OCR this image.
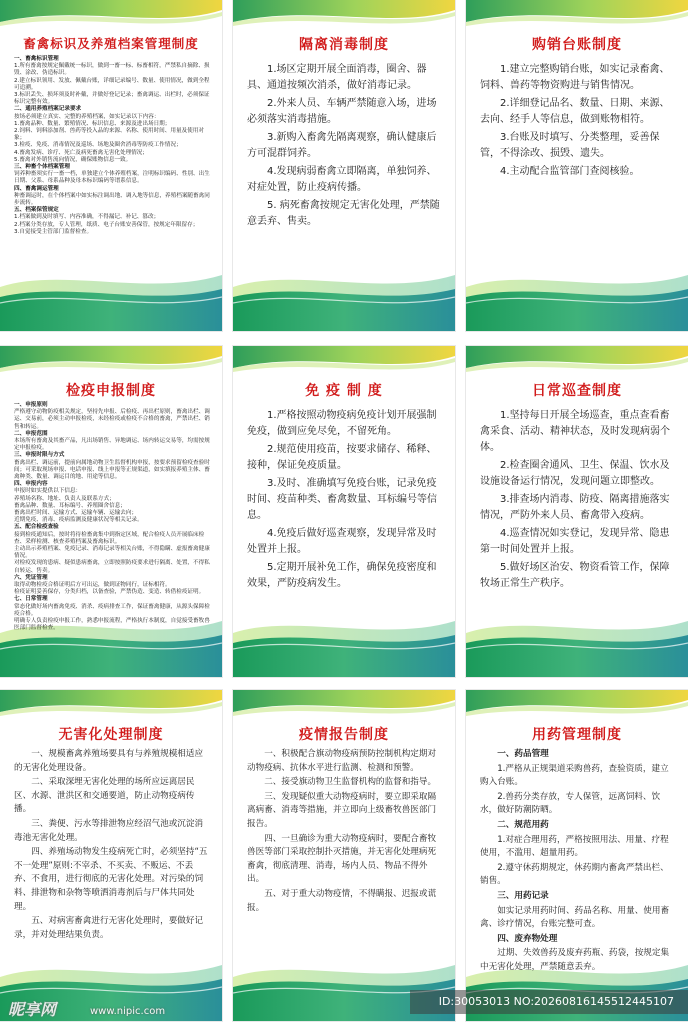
畜禽标识及养殖档案管理制度

一、畜禽标识管理

1.所有畜禽按规定佩戴统一标识，做到一畜一标、标畜相符，严禁私自摘除、损毁、涂改、伪造标识。

2.建立标识领用、发放、佩戴台账，详细记录编号、数量、使用情况，做到全程可追溯。

3.标识丢失、损坏须及时补戴，并做好登记记录；畜禽调运、出栏时，必须保证标识完整有效。

二、通用养殖档案记录要求

按场必须建立真实、完整的养殖档案，如实记录以下内容：

1.畜禽品种、数量、繁殖情况、标识信息、来源及进出场日期；

2.饲料、饲料添加剂、兽药等投入品的来源、名称、使用时间、用量及使用对象；

3.检疫、免疫、消毒情况及巡场、场地及圈舍消毒等防疫工作情况；

4.畜禽发病、诊疗、死亡及病死畜禽无害化处理情况；

5.畜禽对外销售流向情况，确保账物信息一致。

三、种畜个体档案管理

饲养种畜须实行一畜一档，单独建立个体养殖档案，注明标识编码、性别、出生日期、父系、母系品种及母本标识编码等谱系信息。

四、畜禽调运管理

种畜调运时，在个体档案中如实标注调出地、调入地等信息，养殖档案随畜禽同步流转。

五、档案保管规定

1.档案做到及时填写、内容准确，不得漏记、补记、篡改；

2.档案分类存放，专人管理，纸质、电子台账安善保管，按规定年限留存；

3.自觉接受主管部门监督检查。

隔离消毒制度

1.场区定期开展全面消毒，圈舍、器具、通道按频次消杀，做好消毒记录。

2.外来人员、车辆严禁随意入场，进场必须落实消毒措施。

3.新购入畜禽先隔离观察，确认健康后方可混群饲养。

4.发现病弱畜禽立即隔离，单独饲养、对症处置，防止疫病传播。

5. 病死畜禽按规定无害化处理，严禁随意丢弃、售卖。

购销台账制度

1.建立完整购销台账，如实记录畜禽、饲料、兽药等物资购进与销售情况。

2.详细登记品名、数量、日期、来源、去向、经手人等信息，做到账物相符。

3.台账及时填写、分类整理，妥善保管，不得涂改、损毁、遗失。

4.主动配合监管部门查阅核验。

检疫申报制度

一、申报原则

严格遵守动物防疫相关规定，坚持先申报、后检疫、再出栏原则，畜禽出栏、调运、交易前，必须主动申报检疫，未经检疫或检疫不合格的畜禽，严禁出栏、销售和转运。

二、申报范围

本场所有畜禽及其畜产品，凡出场销售、异地调运、场内转运交易等，均需按规定申报检疫。

三、申报时限与方式

畜禽出栏、调运前，提前向属地动物卫生监督机构申报，按要求预留检疫查验时间；可采取现场申报、电话申报、线上申报等正规渠道，如实填报养殖主体、畜禽种类、数量、调运目的地、用途等信息。

四、申报内容

申报时如实提供以下信息：

养殖场名称、地址、负责人及联系方式；

畜禽品种、数量、耳标编号、养殖圈舍信息；

畜禽出栏时间、运输方式、运输车辆、运输去向；

近期免疫、消毒、疫病监测及健康状况等相关记录。

五、配合检疫查验

接到检疫通知后，按时将待检畜禽集中到指定区域，配合检疫人员开展临床检查、采样检测、核查养殖档案及畜禽标识。

主动出示养殖档案、免疫记录、消毒记录等相关台账，不得隐瞒、虚报畜禽健康情况。

对检疫发现的患病、疑似患病畜禽，立即按照防疫要求进行隔离、处置，不得私自转运、售卖。

六、凭证管理

取得动物检疫合格证明后方可出运，做到证物同行，证标相符。

检疫证明妥善保存，分类归档，以备查验，严禁伪造、变造、转借检疫证明。

七、日常管理

常态化做好场内畜禽免疫、消杀、疫病排查工作，保证畜禽健康，从源头保障检疫合格。

明确专人负责检疫申报工作，熟悉申报流程，严格执行本制度，自觉接受畜牧兽医部门监督检查。

免 疫 制 度

1.严格按照动物疫病免疫计划开展强制免疫，做到应免尽免，不留死角。

2.规范使用疫苗，按要求储存、稀释、接种，保证免疫质量。

3.及时、准确填写免疫台账，记录免疫时间、疫苗种类、畜禽数量、耳标编号等信息。

4.免疫后做好巡查观察，发现异常及时处置并上报。

5.定期开展补免工作，确保免疫密度和效果，严防疫病发生。

日常巡查制度

1.坚持每日开展全场巡查，重点查看畜禽采食、活动、精神状态，及时发现病弱个体。

2.检查圈舍通风、卫生、保温、饮水及设施设备运行情况，发现问题立即整改。

3.排查场内消毒、防疫、隔离措施落实情况，严防外来人员、畜禽带入疫病。

4.巡查情况如实登记，发现异常、隐患第一时间处置并上报。

5.做好场区治安、物资看管工作，保障牧场正常生产秩序。

无害化处理制度

一、规模畜禽养殖场要具有与养殖规模相适应的无害化处理设备。

二、采取深埋无害化处理的场所应远离居民区、水源、泄洪区和交通要道，防止动物疫病传播。

三、粪便、污水等排泄物应经沼气池或沉淀消毒池无害化处理。

四、养殖场动物发生疫病死亡时，必须坚持“五不一处理”原则:不宰杀、不买卖、不贩运、不丢弃、不食用，进行彻底的无害化处理。对污染的饲料、排泄物和杂物等喷洒消毒剂后与尸体共同处理。

五、对病害畜禽进行无害化处理时，要做好记录，并对处理结果负责。

疫情报告制度

一、积极配合旗动物疫病预防控制机构定期对动物疫病、抗体水平进行监测、检测和预警。

二、接受旗动物卫生监督机构的监督和指导。

三、发现疑似重大动物疫病时，要立即采取隔离病畜、消毒等措施，并立即向上级畜牧兽医部门报告。

四、一旦确诊为重大动物疫病时，要配合畜牧兽医等部门采取控制扑灭措施，并无害化处理病死畜禽，彻底清理、消毒，场内人员、物品不得外出。

五、对于重大动物疫情，不得瞒报、迟报或谎报。

用药管理制度

一、药品管理

1.严格从正规渠道采购兽药，查验资质，建立购入台账。

2.兽药分类存放，专人保管，远离饲料、饮水，做好防潮防晒。

二、规范用药

1.对症合理用药，严格按照用法、用量、疗程使用，不滥用、超量用药。

2.遵守休药期规定，休药期内畜禽严禁出栏、销售。

三、用药记录

如实记录用药时间、药品名称、用量、使用畜禽、诊疗情况，台账完整可查。

四、废弃物处理

过期、失效兽药及废弃药瓶、药袋，按规定集中无害化处理，严禁随意丢弃。

昵享网	www.nipic.com
ID:30053013 NO:20260816145512445107
